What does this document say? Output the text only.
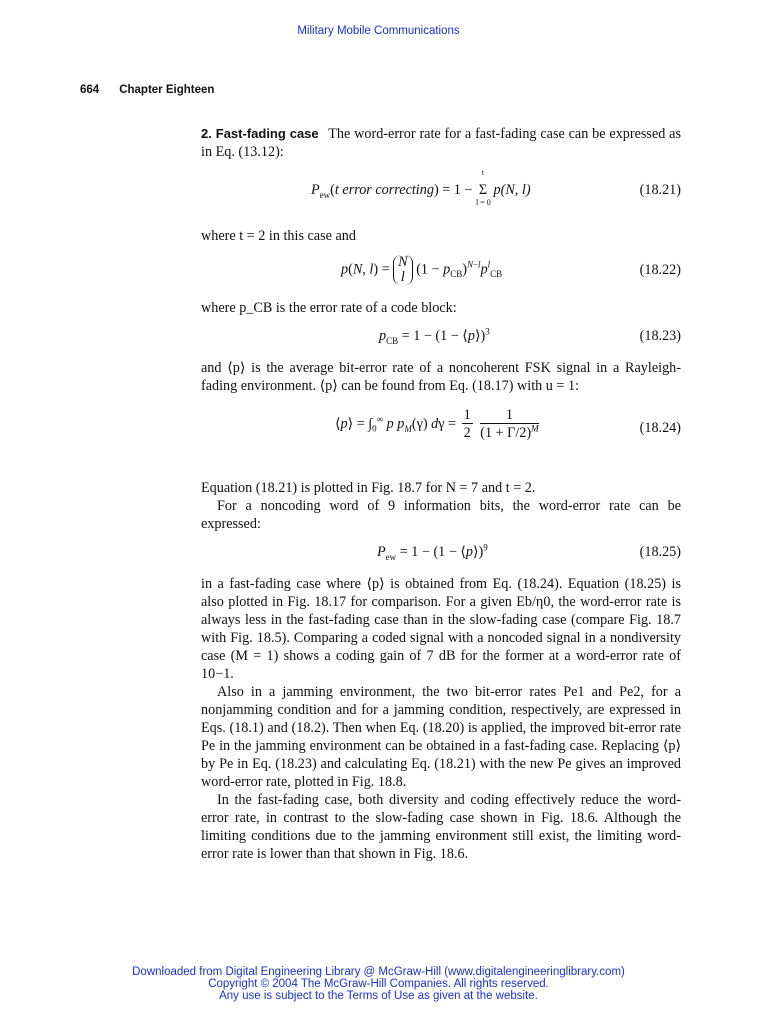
Military Mobile Communications
664 Chapter Eighteen

2. Fast-fading case The word-error rate for a fast-fading case can be expressed as in Eq. (13.12):

$P_{ew}(t$ error correcting) = 1 −
t
Σ
l = 0
p(N, l)	(18.21)

where t = 2 in this case and

p(N, l) = N
l $(1 - p_{CB})^{N-l}p^l_{CB}$	(18.22)

where p_CB is the error rate of a code block:

$p_{CB} = 1 - (1$ − ⟨p⟩)$^3$	(18.23)

and ⟨p⟩ is the average bit-error rate of a noncoherent FSK signal in a Rayleigh-fading environment. ⟨p⟩ can be found from Eq. (18.17) with u = 1:

⟨p⟩ = $\int_0^\infty$ p $p_M(\gamma) d\gamma = \frac{1}{2}$
$\frac{1}{(1 + \Gamma/2)^M}$	(18.24)

Equation (18.21) is plotted in Fig. 18.7 for N = 7 and t = 2.

For a noncoding word of 9 information bits, the word-error rate can be expressed:

$P_{ew} = 1 - (1$ − ⟨p⟩)$^9$	(18.25)

in a fast-fading case where ⟨p⟩ is obtained from Eq. (18.24). Equation (18.25) is also plotted in Fig. 18.17 for comparison. For a given Eb/η0, the word-error rate is always less in the fast-fading case than in the slow-fading case (compare Fig. 18.7 with Fig. 18.5). Comparing a coded signal with a noncoded signal in a nondiversity case (M = 1) shows a coding gain of 7 dB for the former at a word-error rate of 10−1.

Also in a jamming environment, the two bit-error rates Pe1 and Pe2, for a nonjamming condition and for a jamming condition, respectively, are expressed in Eqs. (18.1) and (18.2). Then when Eq. (18.20) is applied, the improved bit-error rate Pe in the jamming environment can be obtained in a fast-fading case. Replacing ⟨p⟩ by Pe in Eq. (18.23) and calculating Eq. (18.21) with the new Pe gives an improved word-error rate, plotted in Fig. 18.8.

In the fast-fading case, both diversity and coding effectively reduce the word-error rate, in contrast to the slow-fading case shown in Fig. 18.6. Although the limiting conditions due to the jamming environment still exist, the limiting word-error rate is lower than that shown in Fig. 18.6.

Downloaded from Digital Engineering Library @ McGraw-Hill (www.digitalengineeringlibrary.com)
Copyright © 2004 The McGraw-Hill Companies. All rights reserved.
Any use is subject to the Terms of Use as given at the website.
